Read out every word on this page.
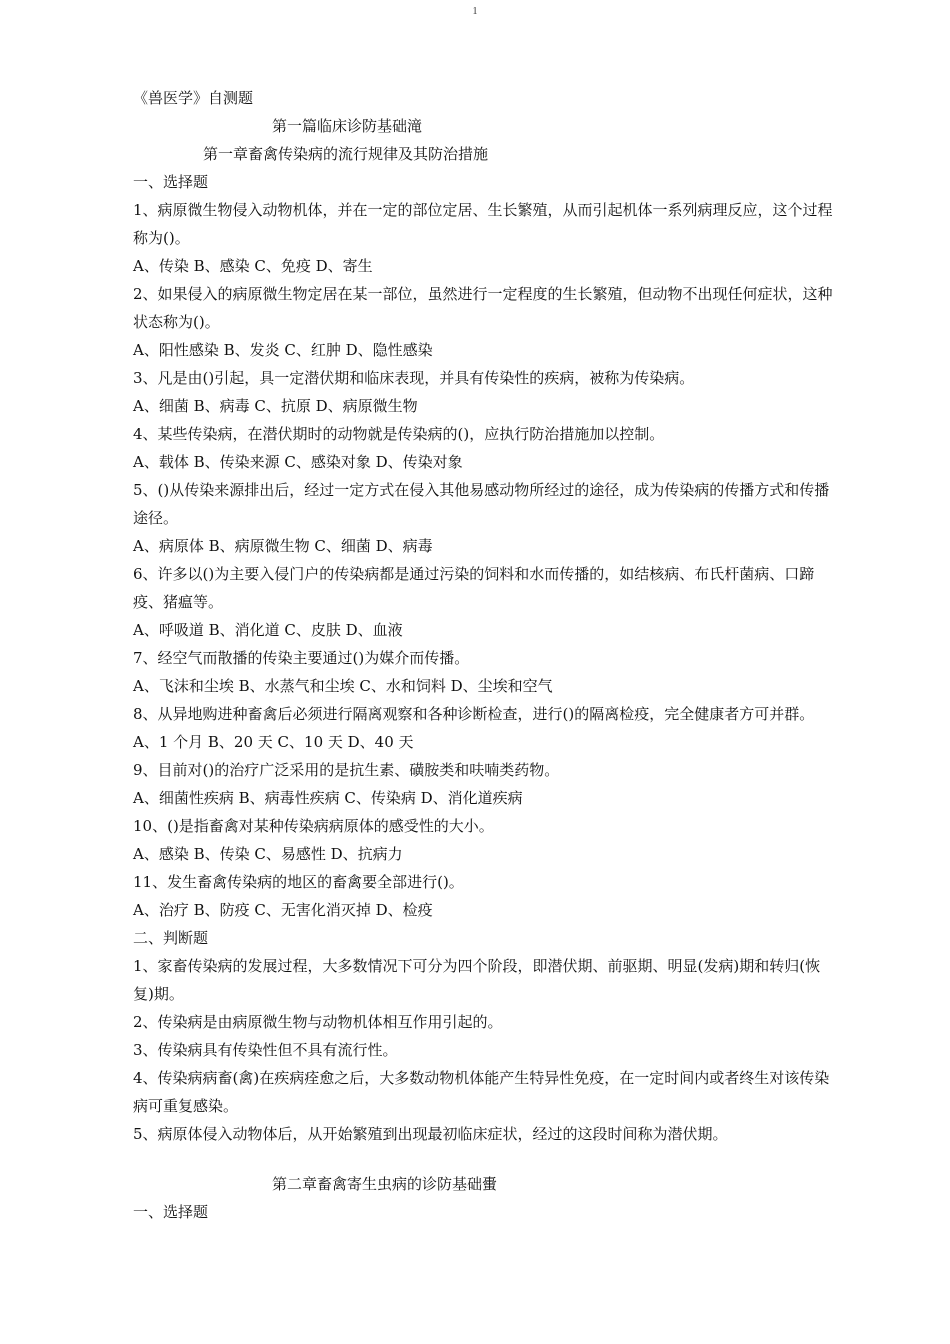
1
《兽医学》自测题
第一篇临床诊防基础滝
第一章畜禽传染病的流行规律及其防治措施
一、选择题
1、病原微生物侵入动物机体，并在一定的部位定居、生长繁殖，从而引起机体一系列病理反应，这个过程称为()。
A、传染 B、感染 C、免疫 D、寄生
2、如果侵入的病原微生物定居在某一部位，虽然进行一定程度的生长繁殖，但动物不出现任何症状，这种状态称为()。
A、阳性感染 B、发炎 C、红肿 D、隐性感染
3、凡是由()引起，具一定潜伏期和临床表现，并具有传染性的疾病，被称为传染病。
A、细菌 B、病毒 C、抗原 D、病原微生物
4、某些传染病，在潜伏期时的动物就是传染病的()，应执行防治措施加以控制。
A、载体 B、传染来源 C、感染对象 D、传染对象
5、()从传染来源排出后，经过一定方式在侵入其他易感动物所经过的途径，成为传染病的传播方式和传播途径。
A、病原体 B、病原微生物 C、细菌 D、病毒
6、许多以()为主要入侵门户的传染病都是通过污染的饲料和水而传播的，如结核病、布氏杆菌病、口蹄疫、猪瘟等。
A、呼吸道 B、消化道 C、皮肤 D、血液
7、经空气而散播的传染主要通过()为媒介而传播。
A、飞沫和尘埃 B、水蒸气和尘埃 C、水和饲料 D、尘埃和空气
8、从异地购进种畜禽后必须进行隔离观察和各种诊断检查，进行()的隔离检疫，完全健康者方可并群。
A、1 个月 B、20 天 C、10 天 D、40 天
9、目前对()的治疗广泛采用的是抗生素、磺胺类和呋喃类药物。
A、细菌性疾病 B、病毒性疾病 C、传染病 D、消化道疾病
10、()是指畜禽对某种传染病病原体的感受性的大小。
A、感染 B、传染 C、易感性 D、抗病力
11、发生畜禽传染病的地区的畜禽要全部进行()。
A、治疗 B、防疫 C、无害化消灭掉 D、检疫
二、判断题
1、家畜传染病的发展过程，大多数情况下可分为四个阶段，即潜伏期、前驱期、明显(发病)期和转归(恢复)期。
2、传染病是由病原微生物与动物机体相互作用引起的。
3、传染病具有传染性但不具有流行性。
4、传染病病畜(禽)在疾病痊愈之后，大多数动物机体能产生特异性免疫，在一定时间内或者终生对该传染病可重复感染。
5、病原体侵入动物体后，从开始繁殖到出现最初临床症状，经过的这段时间称为潜伏期。
第二章畜禽寄生虫病的诊防基础蟗
一、选择题
